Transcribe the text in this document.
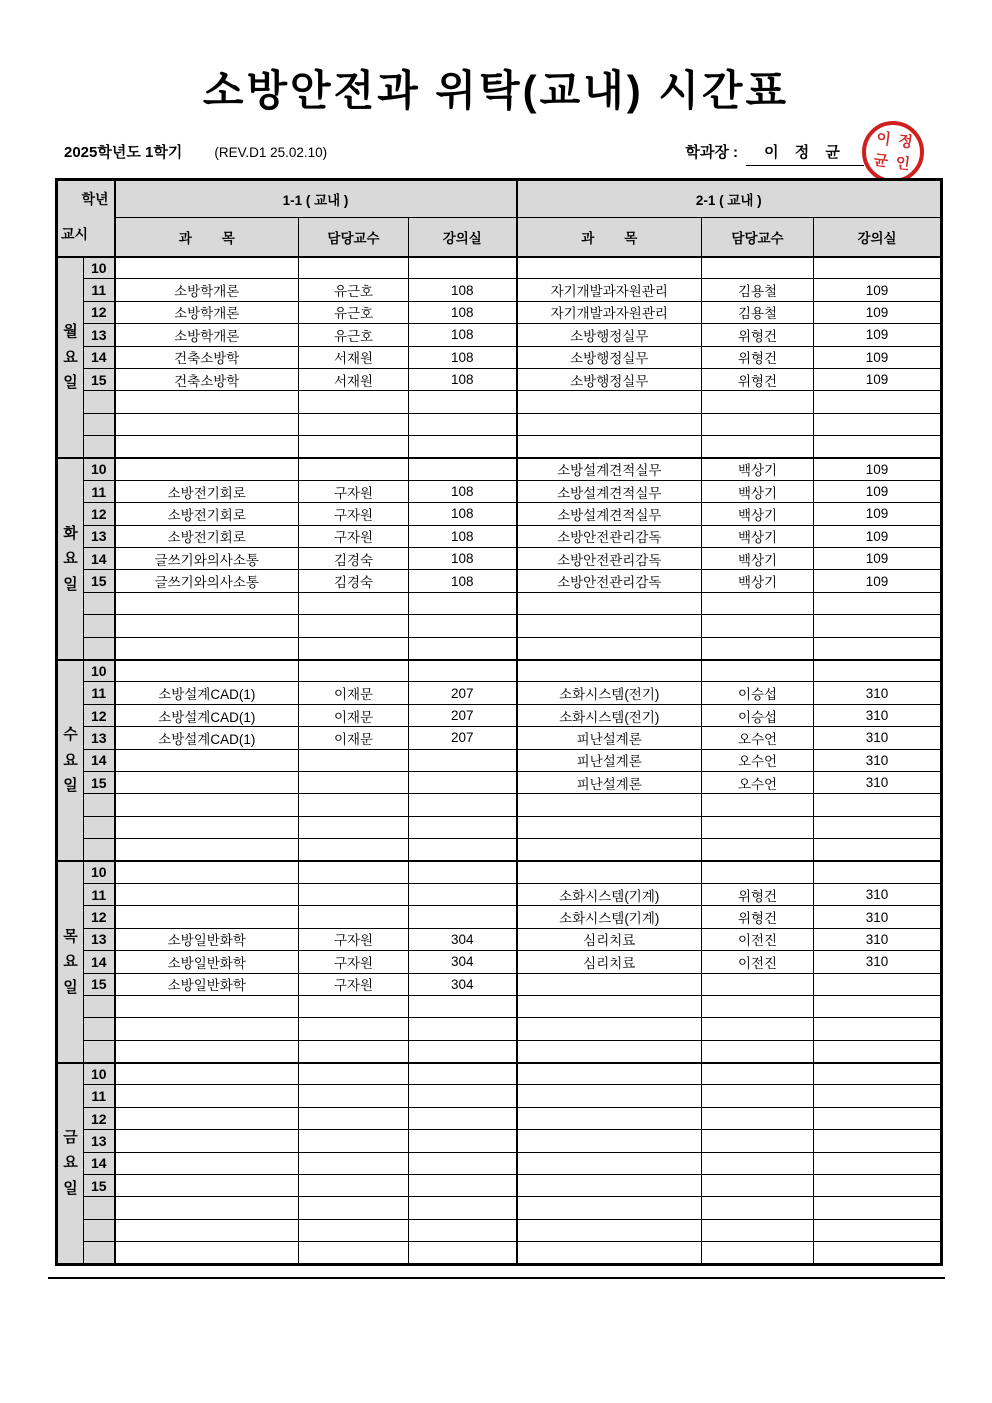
소방안전과 위탁(교내) 시간표
2025학년도 1학기 (REV.D1 25.02.10)	학과장 :	이 정 균
이 정
균 인
학년
교시		1-1 ( 교내 )			2-1 ( 교내 )		
		과        목	담당교수	강의실	과        목	담당교수	강의실

월
요
일	10						
	11	소방학개론	유근호	108	자기개발과자원관리	김용철	109
	12	소방학개론	유근호	108	자기개발과자원관리	김용철	109
	13	소방학개론	유근호	108	소방행정실무	위형건	109
	14	건축소방학	서재원	108	소방행정실무	위형건	109
	15	건축소방학	서재원	108	소방행정실무	위형건	109

화
요
일	10				소방설계견적실무	백상기	109
	11	소방전기회로	구자원	108	소방설계견적실무	백상기	109
	12	소방전기회로	구자원	108	소방설계견적실무	백상기	109
	13	소방전기회로	구자원	108	소방안전관리감독	백상기	109
	14	글쓰기와의사소통	김경숙	108	소방안전관리감독	백상기	109
	15	글쓰기와의사소통	김경숙	108	소방안전관리감독	백상기	109

수
요
일	10						
	11	소방설계CAD(1)	이재문	207	소화시스템(전기)	이승섭	310
	12	소방설계CAD(1)	이재문	207	소화시스템(전기)	이승섭	310
	13	소방설계CAD(1)	이재문	207	피난설계론	오수언	310
	14				피난설계론	오수언	310
	15				피난설계론	오수언	310

목
요
일	10						
	11				소화시스템(기계)	위형건	310
	12				소화시스템(기계)	위형건	310
	13	소방일반화학	구자원	304	심리치료	이전진	310
	14	소방일반화학	구자원	304	심리치료	이전진	310
	15	소방일반화학	구자원	304			

금
요
일	10						
	11						
	12						
	13						
	14						
	15						
